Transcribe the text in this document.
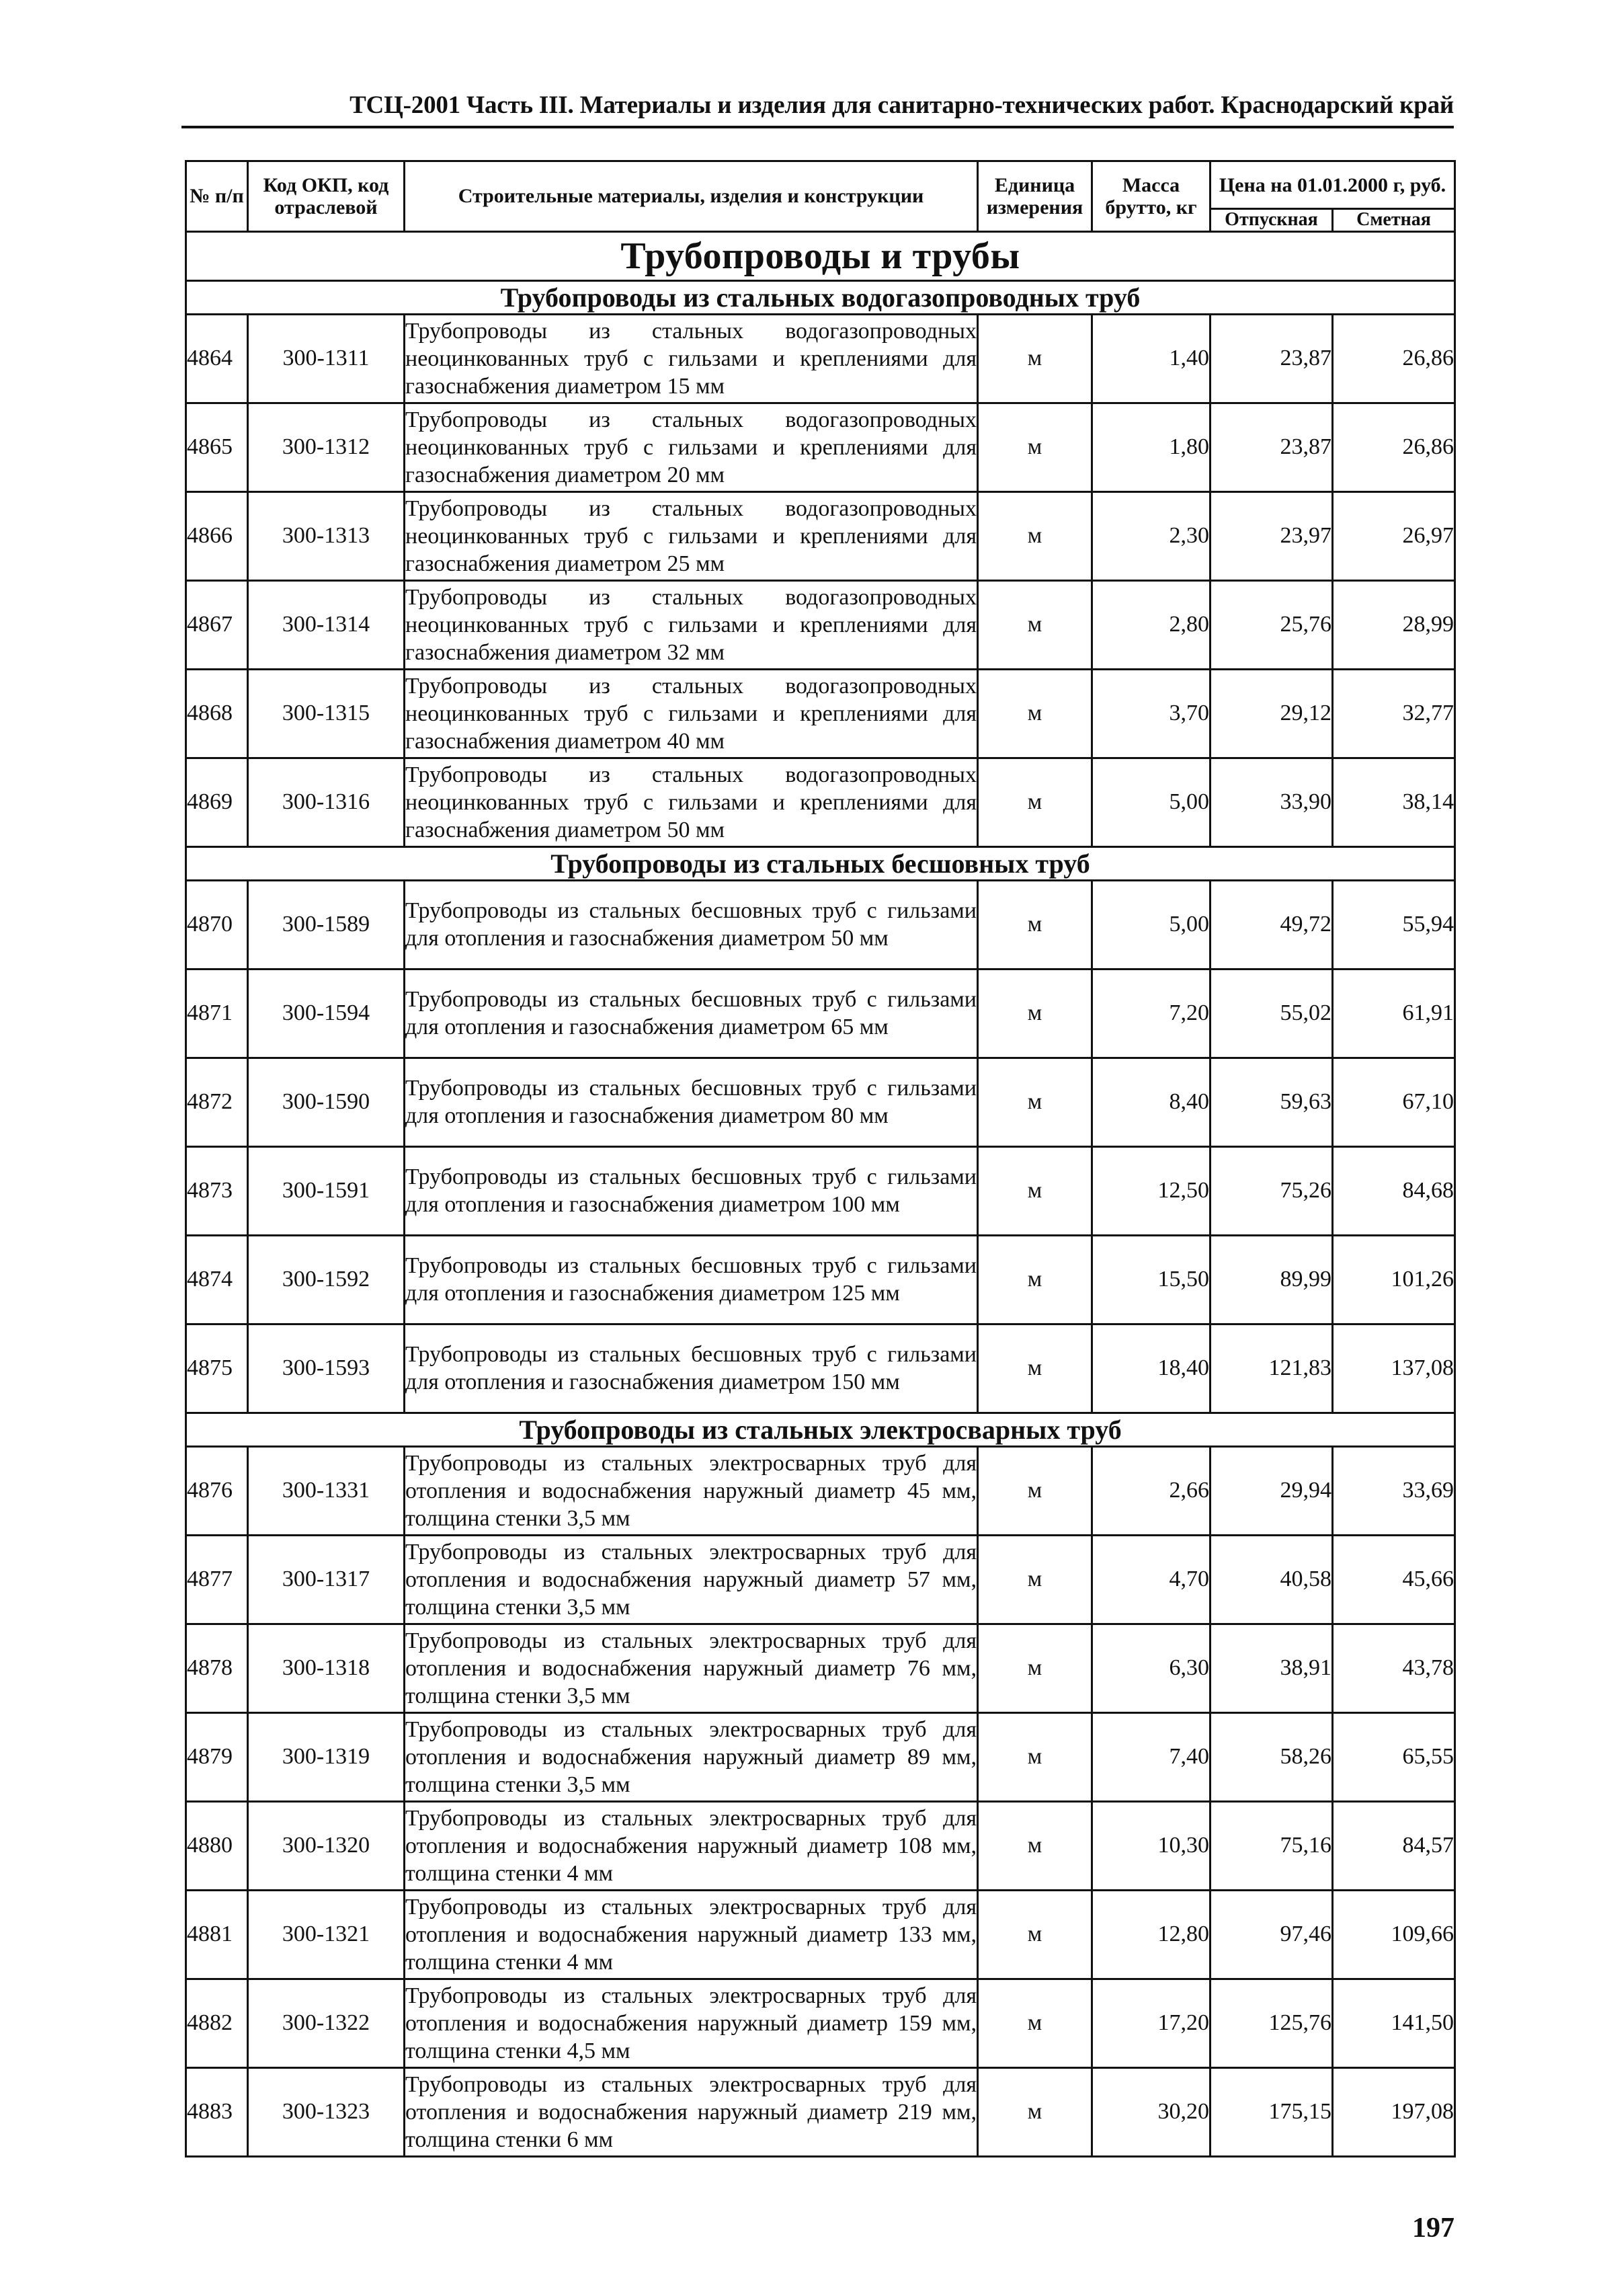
ТСЦ-2001 Часть III. Материалы и изделия для санитарно-технических работ. Краснодарский край
№ п/п	Код ОКП, код отраслевой	Строительные материалы, изделия и конструкции	Единица измерения	Масса брутто, кг	Цена на 01.01.2000 г, руб.	
					Отпускная	Сметная
Трубопроводы и трубы						
Трубопроводы из стальных водогазопроводных труб						
4864	300-1311	Трубопроводы из стальных водогазопроводных неоцинкованных труб с гильзами и креплениями для газоснабжения диаметром 15 мм	м	1,40	23,87	26,86
4865	300-1312	Трубопроводы из стальных водогазопроводных неоцинкованных труб с гильзами и креплениями для газоснабжения диаметром 20 мм	м	1,80	23,87	26,86
4866	300-1313	Трубопроводы из стальных водогазопроводных неоцинкованных труб с гильзами и креплениями для газоснабжения диаметром 25 мм	м	2,30	23,97	26,97
4867	300-1314	Трубопроводы из стальных водогазопроводных неоцинкованных труб с гильзами и креплениями для газоснабжения диаметром 32 мм	м	2,80	25,76	28,99
4868	300-1315	Трубопроводы из стальных водогазопроводных неоцинкованных труб с гильзами и креплениями для газоснабжения диаметром 40 мм	м	3,70	29,12	32,77
4869	300-1316	Трубопроводы из стальных водогазопроводных неоцинкованных труб с гильзами и креплениями для газоснабжения диаметром 50 мм	м	5,00	33,90	38,14
Трубопроводы из стальных бесшовных труб						
4870	300-1589	Трубопроводы из стальных бесшовных труб с гильзами для отопления и газоснабжения диаметром 50 мм	м	5,00	49,72	55,94
4871	300-1594	Трубопроводы из стальных бесшовных труб с гильзами для отопления и газоснабжения диаметром 65 мм	м	7,20	55,02	61,91
4872	300-1590	Трубопроводы из стальных бесшовных труб с гильзами для отопления и газоснабжения диаметром 80 мм	м	8,40	59,63	67,10
4873	300-1591	Трубопроводы из стальных бесшовных труб с гильзами для отопления и газоснабжения диаметром 100 мм	м	12,50	75,26	84,68
4874	300-1592	Трубопроводы из стальных бесшовных труб с гильзами для отопления и газоснабжения диаметром 125 мм	м	15,50	89,99	101,26
4875	300-1593	Трубопроводы из стальных бесшовных труб с гильзами для отопления и газоснабжения диаметром 150 мм	м	18,40	121,83	137,08
Трубопроводы из стальных электросварных труб						
4876	300-1331	Трубопроводы из стальных электросварных труб для отопления и водоснабжения наружный диаметр 45 мм, толщина стенки 3,5 мм	м	2,66	29,94	33,69
4877	300-1317	Трубопроводы из стальных электросварных труб для отопления и водоснабжения наружный диаметр 57 мм, толщина стенки 3,5 мм	м	4,70	40,58	45,66
4878	300-1318	Трубопроводы из стальных электросварных труб для отопления и водоснабжения наружный диаметр 76 мм, толщина стенки 3,5 мм	м	6,30	38,91	43,78
4879	300-1319	Трубопроводы из стальных электросварных труб для отопления и водоснабжения наружный диаметр 89 мм, толщина стенки 3,5 мм	м	7,40	58,26	65,55
4880	300-1320	Трубопроводы из стальных электросварных труб для отопления и водоснабжения наружный диаметр 108 мм, толщина стенки 4 мм	м	10,30	75,16	84,57
4881	300-1321	Трубопроводы из стальных электросварных труб для отопления и водоснабжения наружный диаметр 133 мм, толщина стенки 4 мм	м	12,80	97,46	109,66
4882	300-1322	Трубопроводы из стальных электросварных труб для отопления и водоснабжения наружный диаметр 159 мм, толщина стенки 4,5 мм	м	17,20	125,76	141,50
4883	300-1323	Трубопроводы из стальных электросварных труб для отопления и водоснабжения наружный диаметр 219 мм, толщина стенки 6 мм	м	30,20	175,15	197,08
197
